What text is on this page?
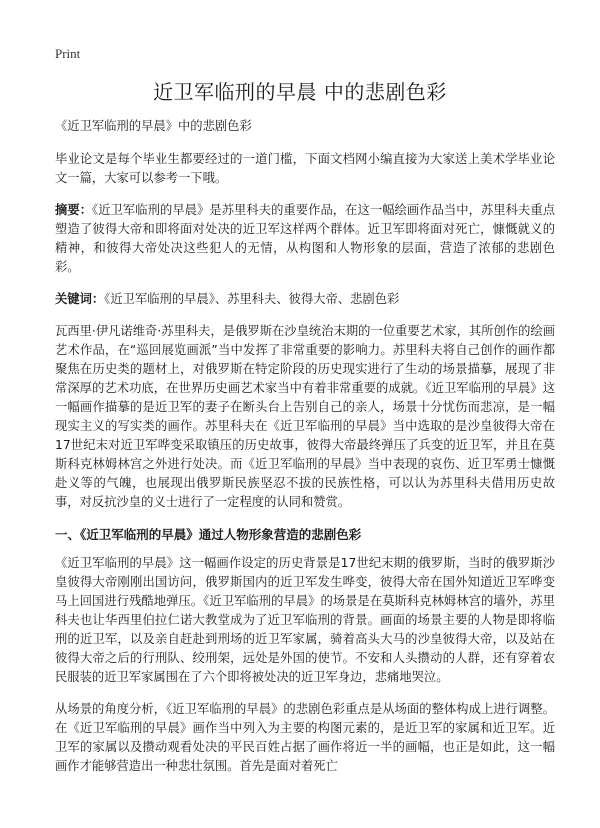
Print
近卫军临刑的早晨 中的悲剧色彩

《近卫军临刑的早晨》中的悲剧色彩

毕业论文是每个毕业生都要经过的一道门槛，下面文档网小编直接为大家送上美术学毕业论文一篇，大家可以参考一下哦。

摘要：《近卫军临刑的早晨》是苏里科夫的重要作品，在这一幅绘画作品当中，苏里科夫重点塑造了彼得大帝和即将面对处决的近卫军这样两个群体。近卫军即将面对死亡，慷慨就义的精神，和彼得大帝处决这些犯人的无情，从构图和人物形象的层面，营造了浓郁的悲剧色彩。

关键词：《近卫军临刑的早晨》、苏里科夫、彼得大帝、悲剧色彩

瓦西里·伊凡诺维奇·苏里科夫，是俄罗斯在沙皇统治末期的一位重要艺术家，其所创作的绘画艺术作品，在“巡回展览画派”当中发挥了非常重要的影响力。苏里科夫将自己创作的画作都聚焦在历史类的题材上，对俄罗斯在特定阶段的历史现实进行了生动的场景描摹，展现了非常深厚的艺术功底，在世界历史画艺术家当中有着非常重要的成就。《近卫军临刑的早晨》这一幅画作描摹的是近卫军的妻子在断头台上告别自己的亲人，场景十分忧伤而悲凉，是一幅现实主义的写实类的画作。苏里科夫在《近卫军临刑的早晨》当中选取的是沙皇彼得大帝在17世纪末对近卫军哗变采取镇压的历史故事，彼得大帝最终弹压了兵变的近卫军，并且在莫斯科克林姆林宫之外进行处决。而《近卫军临刑的早晨》当中表现的哀伤、近卫军勇士慷慨赴义等的气魄，也展现出俄罗斯民族坚忍不拔的民族性格，可以认为苏里科夫借用历史故事，对反抗沙皇的义士进行了一定程度的认同和赞赏。

一、《近卫军临刑的早晨》通过人物形象营造的悲剧色彩

《近卫军临刑的早晨》这一幅画作设定的历史背景是17世纪末期的俄罗斯，当时的俄罗斯沙皇彼得大帝刚刚出国访问，俄罗斯国内的近卫军发生哗变，彼得大帝在国外知道近卫军哗变马上回国进行残酷地弹压。《近卫军临刑的早晨》的场景是在莫斯科克林姆林宫的墙外，苏里科夫也让华西里伯拉仁诺大教堂成为了近卫军临刑的背景。画面的场景主要的人物是即将临刑的近卫军，以及亲自赶赴到刑场的近卫军家属，骑着高头大马的沙皇彼得大帝，以及站在彼得大帝之后的行刑队、绞刑架，远处是外国的使节。不安和人头攒动的人群，还有穿着农民服装的近卫军家属围在了六个即将被处决的近卫军身边，悲痛地哭泣。

从场景的角度分析，《近卫军临刑的早晨》的悲剧色彩重点是从场面的整体构成上进行调整。在《近卫军临刑的早晨》画作当中列入为主要的构图元素的，是近卫军的家属和近卫军。近卫军的家属以及攒动观看处决的平民百姓占据了画作将近一半的画幅，也正是如此，这一幅画作才能够营造出一种悲壮氛围。首先是面对着死亡
